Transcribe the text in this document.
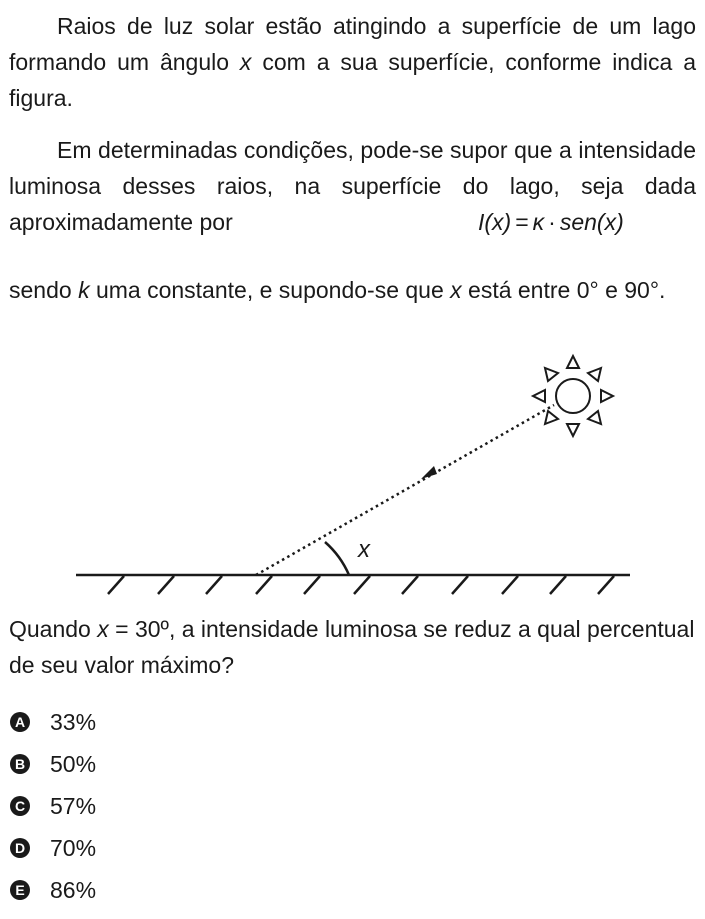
Raios de luz solar estão atingindo a superfície de um lago formando um ângulo x com a sua superfície, conforme indica a figura.

Em determinadas condições, pode-se supor que a intensidade luminosa desses raios, na superfície do lago, seja dada aproximadamente por	I(x) = κ · sen(x)

sendo k uma constante, e supondo-se que x está entre 0° e 90°.

x

Quando x = 30º, a intensidade luminosa se reduz a qual percentual de seu valor máximo?

A 33%
B 50%
C 57%
D 70%
E 86%
